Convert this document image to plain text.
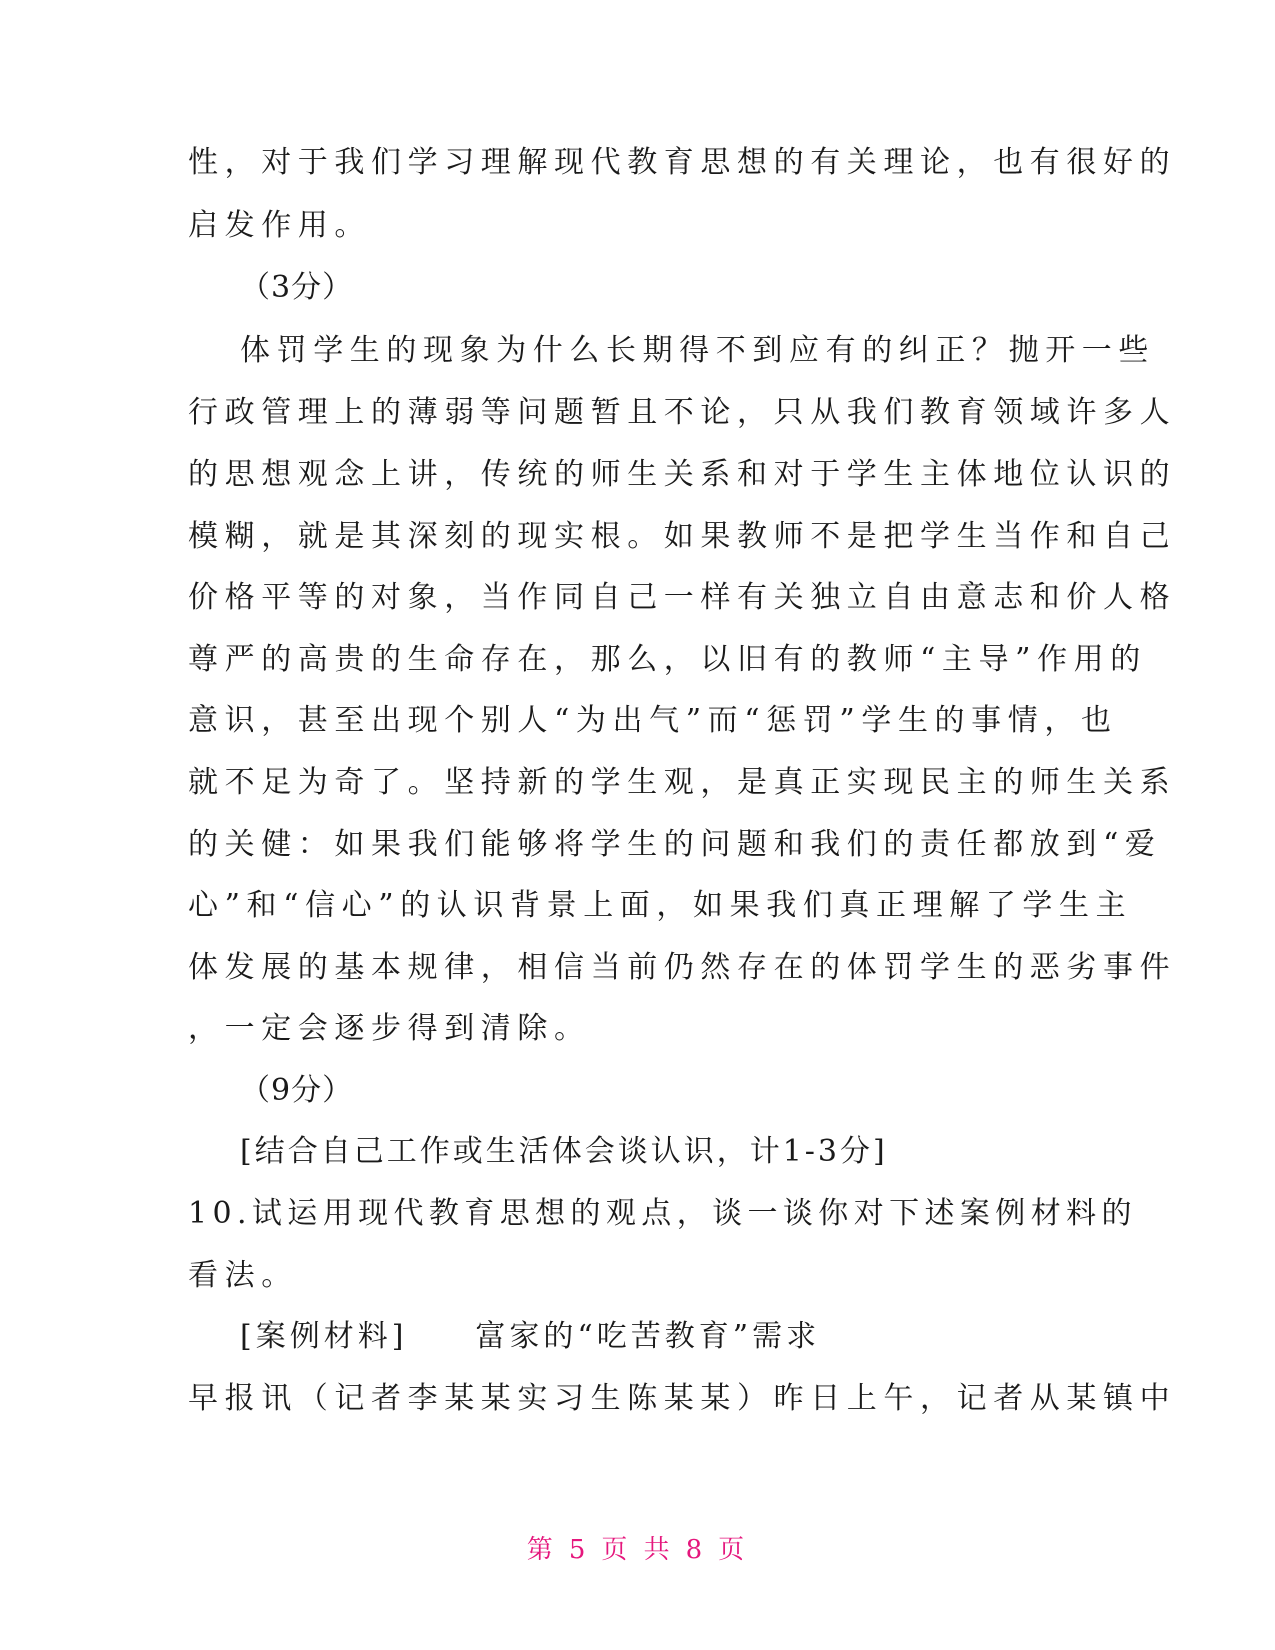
性，对于我们学习理解现代教育思想的有关理论，也有很好的
启发作用。
（3分）
体罚学生的现象为什么长期得不到应有的纠正？抛开一些
行政管理上的薄弱等问题暂且不论，只从我们教育领域许多人
的思想观念上讲，传统的师生关系和对于学生主体地位认识的
模糊，就是其深刻的现实根。如果教师不是把学生当作和自己
价格平等的对象，当作同自己一样有关独立自由意志和价人格
尊严的高贵的生命存在，那么，以旧有的教师“主导”作用的
意识，甚至出现个别人“为出气”而“惩罚”学生的事情，也
就不足为奇了。坚持新的学生观，是真正实现民主的师生关系
的关健：如果我们能够将学生的问题和我们的责任都放到“爱
心”和“信心”的认识背景上面，如果我们真正理解了学生主
体发展的基本规律，相信当前仍然存在的体罚学生的恶劣事件
，一定会逐步得到清除。
（9分）
[结合自己工作或生活体会谈认识，计1-3分]
10.试运用现代教育思想的观点，谈一谈你对下述案例材料的
看法。
[案例材料]　　富家的“吃苦教育”需求
早报讯（记者李某某实习生陈某某）昨日上午，记者从某镇中
第 5 页 共 8 页
